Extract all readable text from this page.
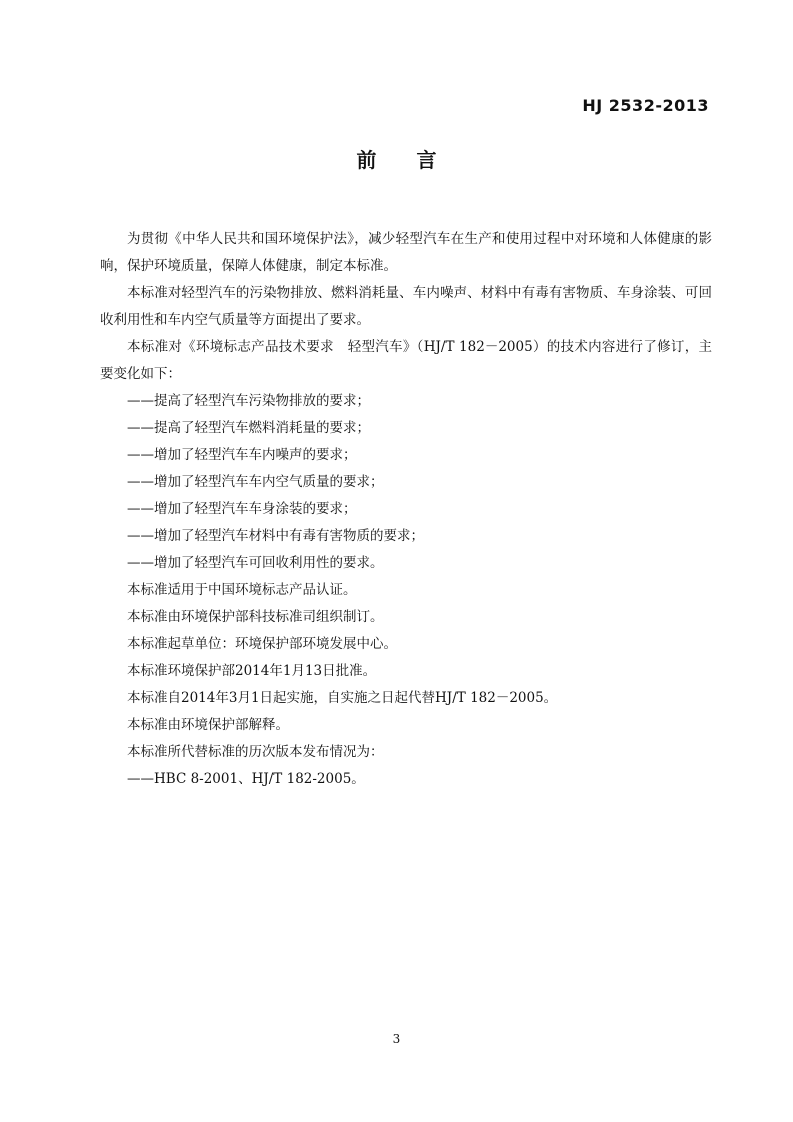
HJ 2532-2013
前 言

为贯彻《中华人民共和国环境保护法》，减少轻型汽车在生产和使用过程中对环境和人体健康的影响，保护环境质量，保障人体健康，制定本标准。

本标准对轻型汽车的污染物排放、燃料消耗量、车内噪声、材料中有毒有害物质、车身涂装、可回收利用性和车内空气质量等方面提出了要求。

本标准对《环境标志产品技术要求　轻型汽车》（HJ/T 182－2005）的技术内容进行了修订，主要变化如下：

——提高了轻型汽车污染物排放的要求；

——提高了轻型汽车燃料消耗量的要求；

——增加了轻型汽车车内噪声的要求；

——增加了轻型汽车车内空气质量的要求；

——增加了轻型汽车车身涂装的要求；

——增加了轻型汽车材料中有毒有害物质的要求；

——增加了轻型汽车可回收利用性的要求。

本标准适用于中国环境标志产品认证。

本标准由环境保护部科技标准司组织制订。

本标准起草单位：环境保护部环境发展中心。

本标准环境保护部2014年1月13日批准。

本标准自2014年3月1日起实施，自实施之日起代替HJ/T 182－2005。

本标准由环境保护部解释。

本标准所代替标准的历次版本发布情况为：

——HBC 8-2001、HJ/T 182-2005。

3
